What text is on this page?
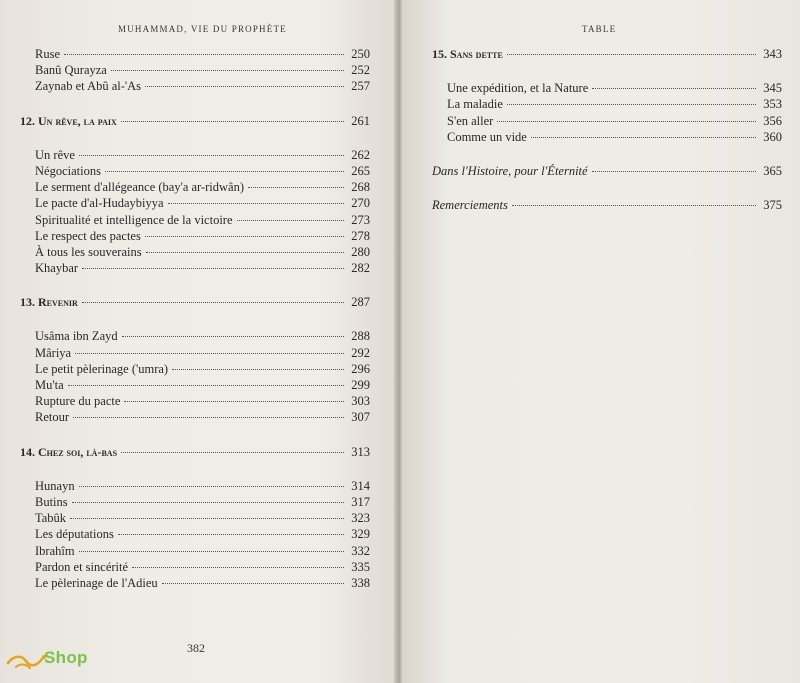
MUHAMMAD, VIE DU PROPHÈTE
Ruse	250
Banû Qurayza	252
Zaynab et Abû al-'As	257
12. Un rêve, la paix	261
Un rêve	262
Négociations	265
Le serment d'allégeance (bay'a ar-ridwân)	268
Le pacte d'al-Hudaybiyya	270
Spiritualité et intelligence de la victoire	273
Le respect des pactes	278
À tous les souverains	280
Khaybar	282
13. Revenir	287
Usâma ibn Zayd	288
Mâriya	292
Le petit pèlerinage ('umra)	296
Mu'ta	299
Rupture du pacte	303
Retour	307
14. Chez soi, là-bas	313
Hunayn	314
Butins	317
Tabûk	323
Les députations	329
Ibrahîm	332
Pardon et sincérité	335
Le pèlerinage de l'Adieu	338
382
TABLE
15. Sans dette	343
Une expédition, et la Nature	345
La maladie	353
S'en aller	356
Comme un vide	360
Dans l'Histoire, pour l'Éternité	365
Remerciements	375
Shop
